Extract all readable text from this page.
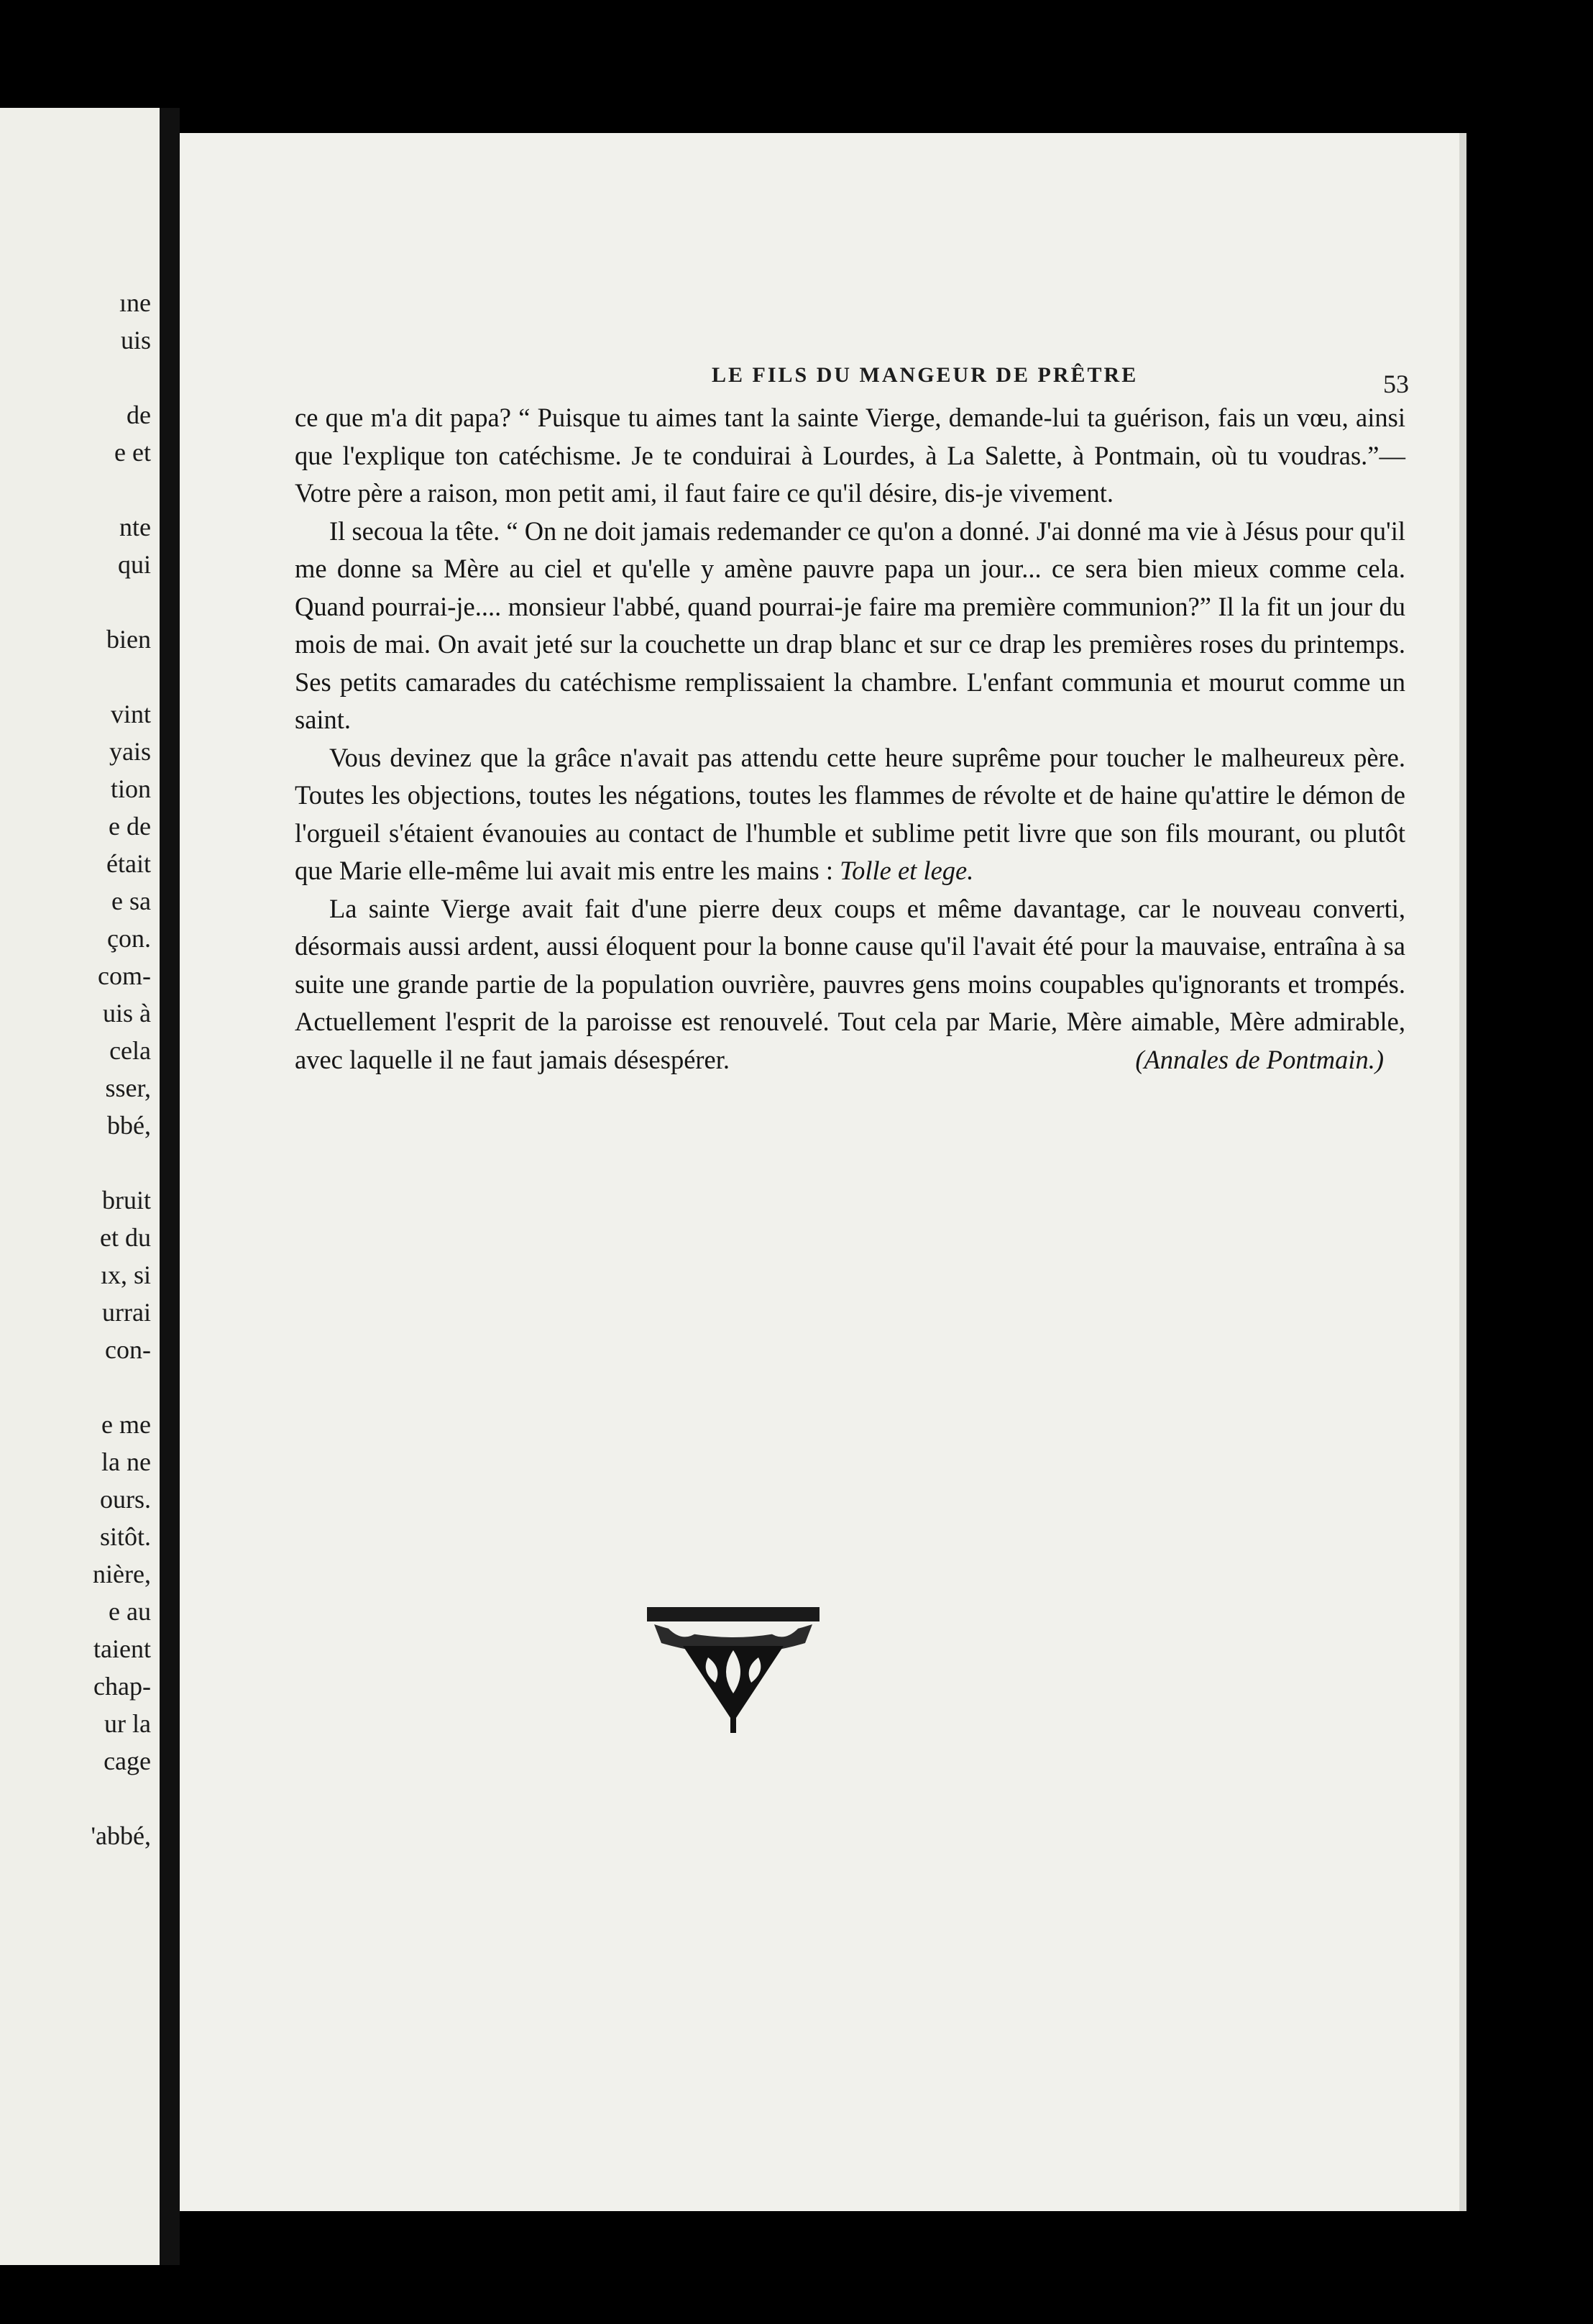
ıne
uis
de
e et
nte
qui
bien
vint
yais
tion
e de
était
e sa
çon.
com-
uis à
cela
sser,
bbé,
bruit
et du
ıx, si
urrai
con-
e me
la ne
ours.
sitôt.
nière,
e au
taient
chap-
ur la
cage
'abbé,
LE FILS DU MANGEUR DE PRÊTRE	53

ce que m'a dit papa? “ Puisque tu aimes tant la sainte Vierge, demande-lui ta guérison, fais un vœu, ainsi que l'explique ton catéchisme. Je te conduirai à Lourdes, à La Salette, à Pontmain, où tu voudras.”— Votre père a raison, mon petit ami, il faut faire ce qu'il désire, dis-je vivement.

Il secoua la tête. “ On ne doit jamais redemander ce qu'on a donné. J'ai donné ma vie à Jésus pour qu'il me donne sa Mère au ciel et qu'elle y amène pauvre papa un jour... ce sera bien mieux comme cela. Quand pourrai-je.... monsieur l'abbé, quand pourrai-je faire ma première communion?” Il la fit un jour du mois de mai. On avait jeté sur la couchette un drap blanc et sur ce drap les premières roses du printemps. Ses petits camarades du catéchisme remplissaient la chambre. L'enfant communia et mourut comme un saint.

Vous devinez que la grâce n'avait pas attendu cette heure suprême pour toucher le malheureux père. Toutes les objections, toutes les négations, toutes les flammes de révolte et de haine qu'attire le démon de l'orgueil s'étaient évanouies au contact de l'humble et sublime petit livre que son fils mourant, ou plutôt que Marie elle-même lui avait mis entre les mains : Tolle et lege.

La sainte Vierge avait fait d'une pierre deux coups et même davantage, car le nouveau converti, désormais aussi ardent, aussi éloquent pour la bonne cause qu'il l'avait été pour la mauvaise, entraîna à sa suite une grande partie de la population ouvrière, pauvres gens moins coupables qu'ignorants et trompés. Actuellement l'esprit de la paroisse est renouvelé. Tout cela par Marie, Mère aimable, Mère admirable, avec laquelle il ne faut jamais désespérer.	(Annales de Pontmain.)
